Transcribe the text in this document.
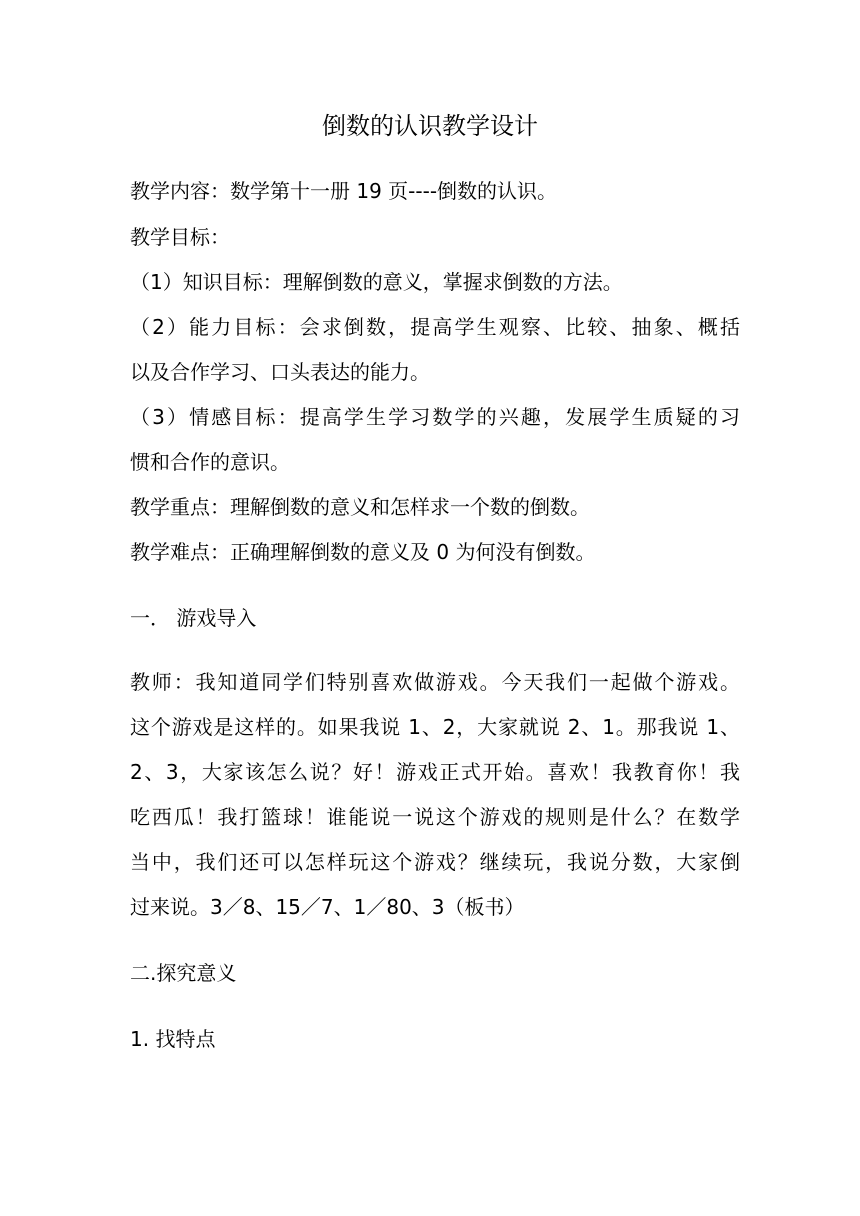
倒数的认识教学设计
教学内容：数学第十一册 19 页----倒数的认识。
教学目标：
（1）知识目标：理解倒数的意义，掌握求倒数的方法。
（2）能力目标：会求倒数，提高学生观察、比较、抽象、概括
以及合作学习、口头表达的能力。
（3）情感目标：提高学生学习数学的兴趣，发展学生质疑的习
惯和合作的意识。
教学重点：理解倒数的意义和怎样求一个数的倒数。
教学难点：正确理解倒数的意义及 0 为何没有倒数。
一． 游戏导入
教师：我知道同学们特别喜欢做游戏。今天我们一起做个游戏。
这个游戏是这样的。如果我说 1、2，大家就说 2、1。那我说 1、
2、3，大家该怎么说？好！游戏正式开始。喜欢！我教育你！我
吃西瓜！我打篮球！谁能说一说这个游戏的规则是什么？在数学
当中，我们还可以怎样玩这个游戏？继续玩，我说分数，大家倒
过来说。3／8、15／7、1／80、3（板书）
二.探究意义
1. 找特点
